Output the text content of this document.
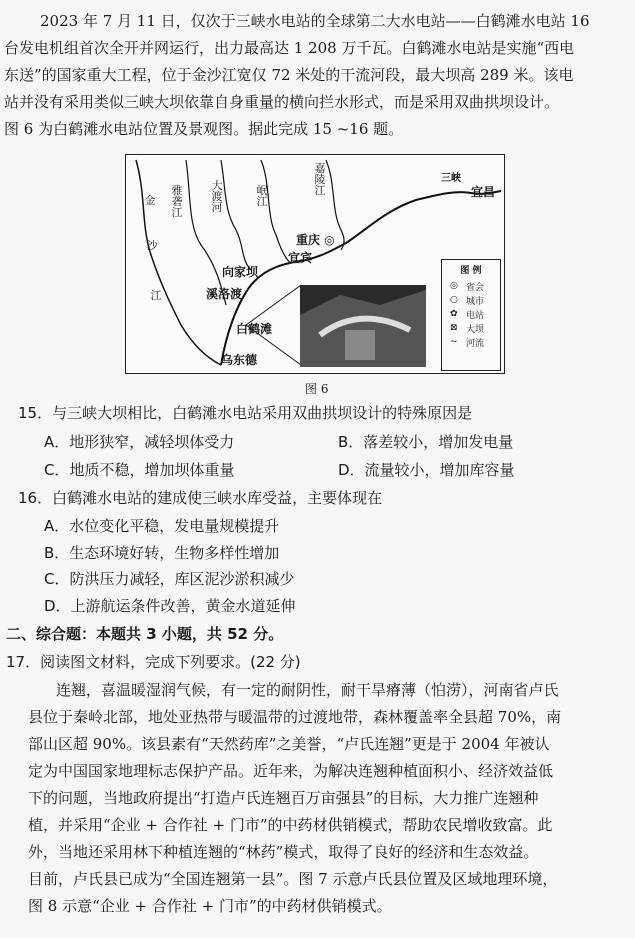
2023 年 7 月 11 日，仅次于三峡水电站的全球第二大水电站——白鹤滩水电站 16

台发电机组首次全开并网运行，出力最高达 1 208 万千瓦。白鹤滩水电站是实施“西电

东送”的国家重大工程，位于金沙江宽仅 72 米处的干流河段，最大坝高 289 米。该电

站并没有采用类似三峡大坝依靠自身重量的横向拦水形式，而是采用双曲拱坝设计。

图 6 为白鹤滩水电站位置及景观图。据此完成 15 ~16 题。

金
沙
江
雅砻江
大渡河
岷江
嘉陵江
重庆 ◎
宜宾
宜昌
三峡
向家坝
溪洛渡
白鹤滩
乌东德
图 例
◎ 省会
○ 城市
✿ 电站
⊠ 大坝
∼ 河流

图 6

15．与三峡大坝相比，白鹤滩水电站采用双曲拱坝设计的特殊原因是

A．地形狭窄，减轻坝体受力	B．落差较小，增加发电量

C．地质不稳，增加坝体重量	D．流量较小，增加库容量

16．白鹤滩水电站的建成使三峡水库受益，主要体现在

A．水位变化平稳，发电量规模提升

B．生态环境好转，生物多样性增加

C．防洪压力减轻，库区泥沙淤积减少

D．上游航运条件改善，黄金水道延伸

二、综合题：本题共 3 小题，共 52 分。

17．阅读图文材料，完成下列要求。(22 分)

连翘，喜温暖湿润气候，有一定的耐阴性，耐干旱瘠薄（怕涝），河南省卢氏

县位于秦岭北部，地处亚热带与暖温带的过渡地带，森林覆盖率全县超 70%，南

部山区超 90%。该县素有“天然药库”之美誉，“卢氏连翘”更是于 2004 年被认

定为中国国家地理标志保护产品。近年来，为解决连翘种植面积小、经济效益低

下的问题，当地政府提出“打造卢氏连翘百万亩强县”的目标，大力推广连翘种

植，并采用“企业 + 合作社 + 门市”的中药材供销模式，帮助农民增收致富。此

外，当地还采用林下种植连翘的“林药”模式，取得了良好的经济和生态效益。

目前，卢氏县已成为“全国连翘第一县”。图 7 示意卢氏县位置及区域地理环境，

图 8 示意“企业 + 合作社 + 门市”的中药材供销模式。
